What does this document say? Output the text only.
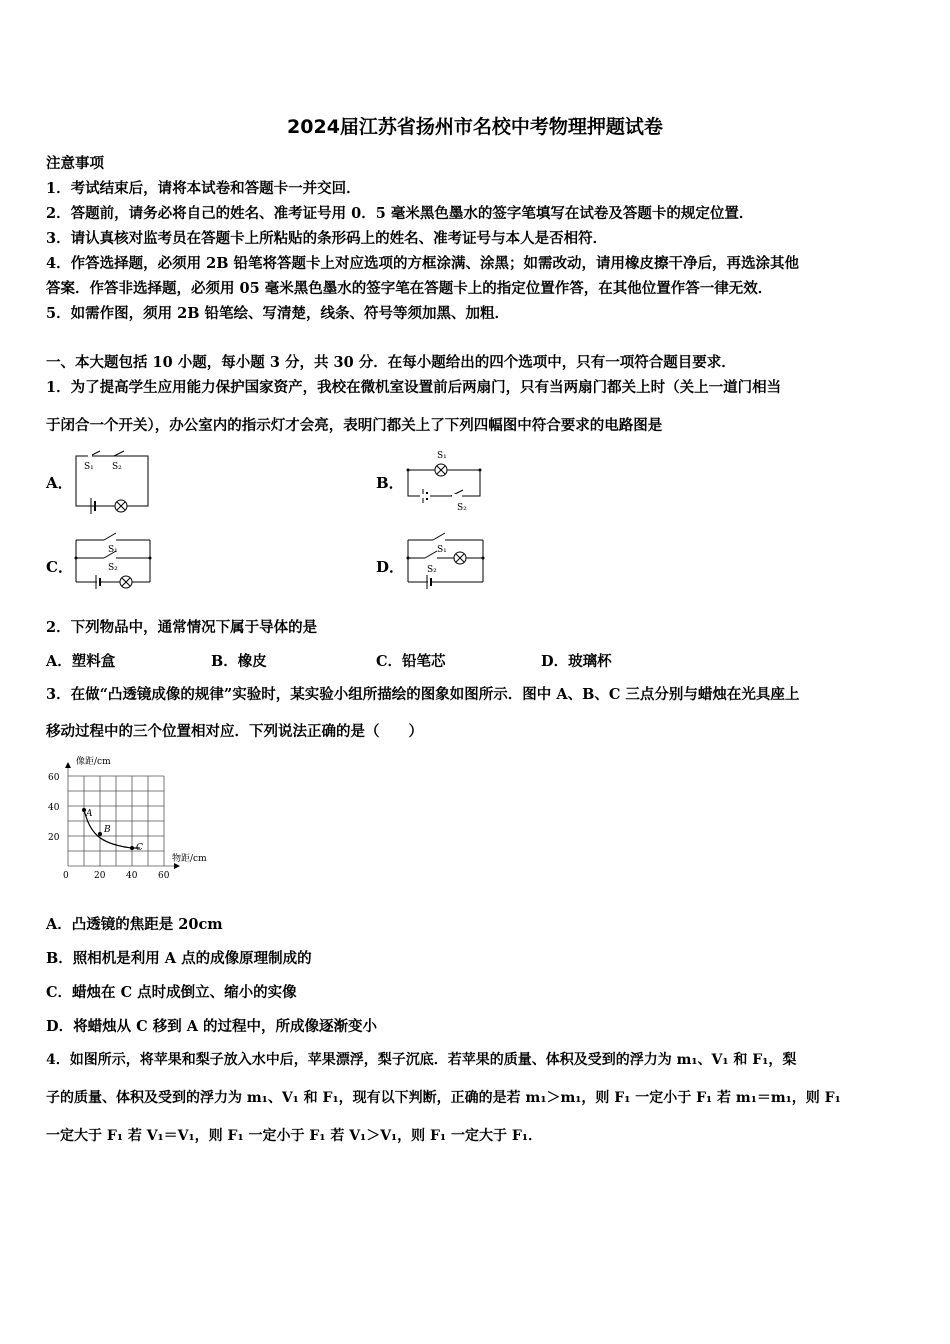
2024届江苏省扬州市名校中考物理押题试卷
注意事项
1．考试结束后，请将本试卷和答题卡一并交回．
2．答题前，请务必将自己的姓名、准考证号用 0．5 毫米黑色墨水的签字笔填写在试卷及答题卡的规定位置．
3．请认真核对监考员在答题卡上所粘贴的条形码上的姓名、准考证号与本人是否相符．
4．作答选择题，必须用 2B 铅笔将答题卡上对应选项的方框涂满、涂黑；如需改动，请用橡皮擦干净后，再选涂其他
答案．作答非选择题，必须用 05 毫米黑色墨水的签字笔在答题卡上的指定位置作答，在其他位置作答一律无效．
5．如需作图，须用 2B 铅笔绘、写清楚，线条、符号等须加黑、加粗．
一、本大题包括 10 小题，每小题 3 分，共 30 分．在每小题给出的四个选项中，只有一项符合题目要求．
1．为了提高学生应用能力保护国家资产，我校在微机室设置前后两扇门，只有当两扇门都关上时（关上一道门相当
于闭合一个开关），办公室内的指示灯才会亮，表明门都关上了下列四幅图中符合要求的电路图是
A．
S₁ S₂
B．
S₁
S₂
C．
S₁
S₂	D．
S₁
S₂
2．下列物品中，通常情况下属于导体的是
A．塑料盒	B．橡皮	C．铅笔芯	D．玻璃杯
3．在做“凸透镜成像的规律”实验时，某实验小组所描绘的图象如图所示．图中 A、B、C 三点分别与蜡烛在光具座上
移动过程中的三个位置相对应．下列说法正确的是（　　）
A
B
C
像距/cm
物距/cm
60
40
20
0	20 40 60
A．凸透镜的焦距是 20cm
B．照相机是利用 A 点的成像原理制成的
C．蜡烛在 C 点时成倒立、缩小的实像
D．将蜡烛从 C 移到 A 的过程中，所成像逐渐变小
4．如图所示，将苹果和梨子放入水中后，苹果漂浮，梨子沉底．若苹果的质量、体积及受到的浮力为 m₁、V₁ 和 F₁，梨
子的质量、体积及受到的浮力为 m₁、V₁ 和 F₁，现有以下判断，正确的是若 m₁＞m₁，则 F₁ 一定小于 F₁ 若 m₁＝m₁，则 F₁
一定大于 F₁ 若 V₁＝V₁，则 F₁ 一定小于 F₁ 若 V₁＞V₁，则 F₁ 一定大于 F₁．
